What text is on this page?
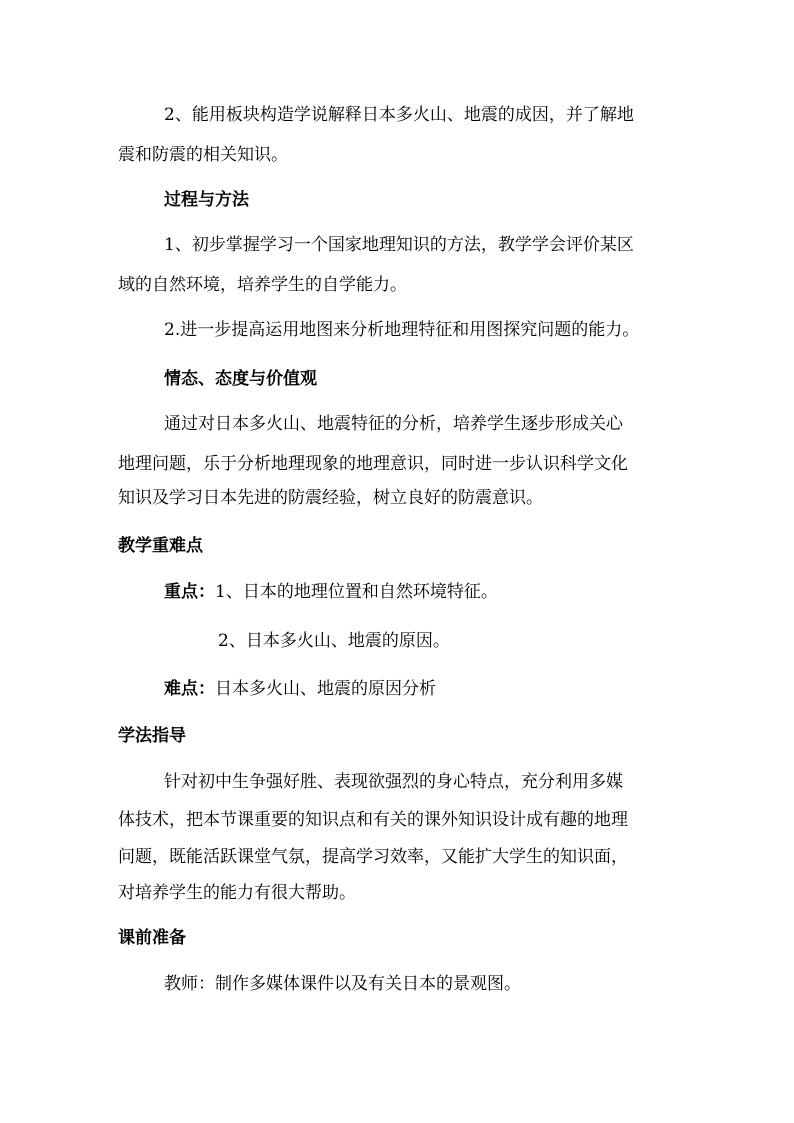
2、能用板块构造学说解释日本多火山、地震的成因，并了解地

震和防震的相关知识。

过程与方法

1、初步掌握学习一个国家地理知识的方法，教学学会评价某区

域的自然环境，培养学生的自学能力。

2.进一步提高运用地图来分析地理特征和用图探究问题的能力。

情态、态度与价值观

通过对日本多火山、地震特征的分析，培养学生逐步形成关心

地理问题，乐于分析地理现象的地理意识，同时进一步认识科学文化

知识及学习日本先进的防震经验，树立良好的防震意识。

教学重难点

重点：1、日本的地理位置和自然环境特征。

2、日本多火山、地震的原因。

难点：日本多火山、地震的原因分析

学法指导

针对初中生争强好胜、表现欲强烈的身心特点，充分利用多媒

体技术，把本节课重要的知识点和有关的课外知识设计成有趣的地理

问题，既能活跃课堂气氛，提高学习效率，又能扩大学生的知识面，

对培养学生的能力有很大帮助。

课前准备

教师：制作多媒体课件以及有关日本的景观图。
